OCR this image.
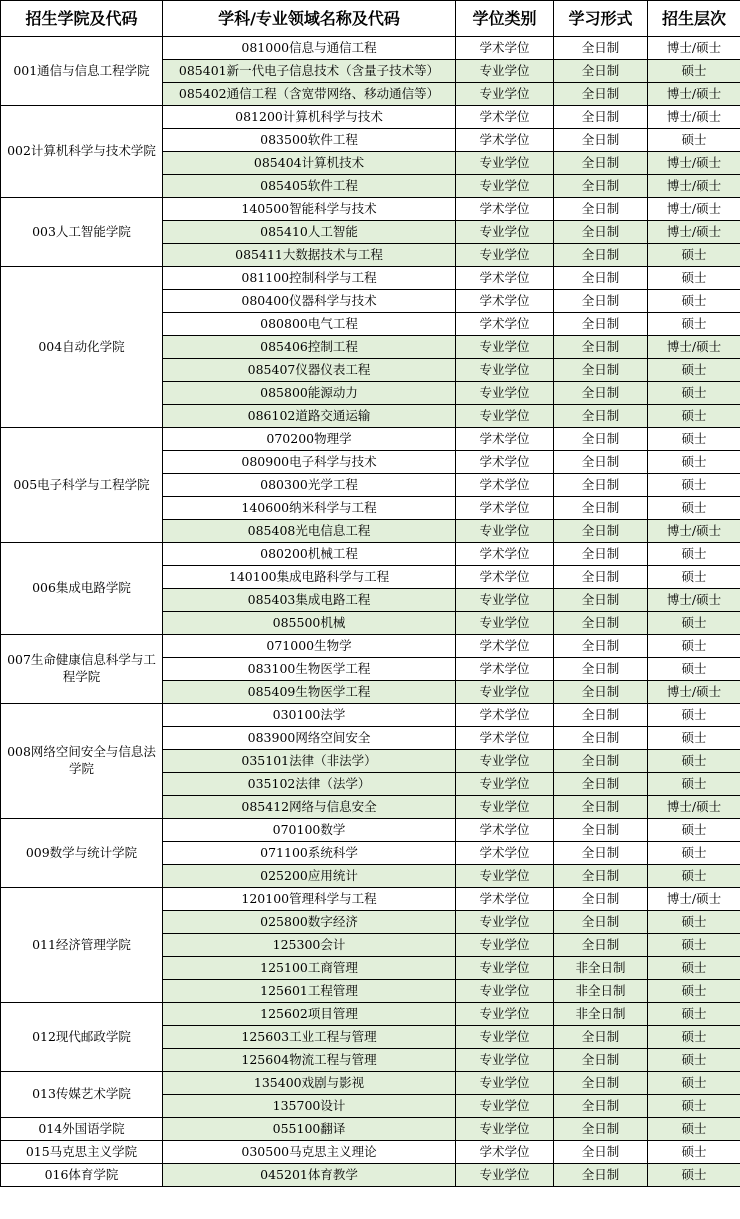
招生学院及代码	学科/专业领域名称及代码	学位类别	学习形式	招生层次
001通信与信息工程学院	081000信息与通信工程	学术学位	全日制	博士/硕士
	085401新一代电子信息技术（含量子技术等）	专业学位	全日制	硕士
	085402通信工程（含宽带网络、移动通信等）	专业学位	全日制	博士/硕士
002计算机科学与技术学院	081200计算机科学与技术	学术学位	全日制	博士/硕士
	083500软件工程	学术学位	全日制	硕士
	085404计算机技术	专业学位	全日制	博士/硕士
	085405软件工程	专业学位	全日制	博士/硕士
003人工智能学院	140500智能科学与技术	学术学位	全日制	博士/硕士
	085410人工智能	专业学位	全日制	博士/硕士
	085411大数据技术与工程	专业学位	全日制	硕士
004自动化学院	081100控制科学与工程	学术学位	全日制	硕士
	080400仪器科学与技术	学术学位	全日制	硕士
	080800电气工程	学术学位	全日制	硕士
	085406控制工程	专业学位	全日制	博士/硕士
	085407仪器仪表工程	专业学位	全日制	硕士
	085800能源动力	专业学位	全日制	硕士
	086102道路交通运输	专业学位	全日制	硕士
005电子科学与工程学院	070200物理学	学术学位	全日制	硕士
	080900电子科学与技术	学术学位	全日制	硕士
	080300光学工程	学术学位	全日制	硕士
	140600纳米科学与工程	学术学位	全日制	硕士
	085408光电信息工程	专业学位	全日制	博士/硕士
006集成电路学院	080200机械工程	学术学位	全日制	硕士
	140100集成电路科学与工程	学术学位	全日制	硕士
	085403集成电路工程	专业学位	全日制	博士/硕士
	085500机械	专业学位	全日制	硕士
007生命健康信息科学与工程学院	071000生物学	学术学位	全日制	硕士
	083100生物医学工程	学术学位	全日制	硕士
	085409生物医学工程	专业学位	全日制	博士/硕士
008网络空间安全与信息法学院	030100法学	学术学位	全日制	硕士
	083900网络空间安全	学术学位	全日制	硕士
	035101法律（非法学）	专业学位	全日制	硕士
	035102法律（法学）	专业学位	全日制	硕士
	085412网络与信息安全	专业学位	全日制	博士/硕士
009数学与统计学院	070100数学	学术学位	全日制	硕士
	071100系统科学	学术学位	全日制	硕士
	025200应用统计	专业学位	全日制	硕士
011经济管理学院	120100管理科学与工程	学术学位	全日制	博士/硕士
	025800数字经济	专业学位	全日制	硕士
	125300会计	专业学位	全日制	硕士
	125100工商管理	专业学位	非全日制	硕士
	125601工程管理	专业学位	非全日制	硕士
012现代邮政学院	125602项目管理	专业学位	非全日制	硕士
	125603工业工程与管理	专业学位	全日制	硕士
	125604物流工程与管理	专业学位	全日制	硕士
013传媒艺术学院	135400戏剧与影视	专业学位	全日制	硕士
	135700设计	专业学位	全日制	硕士
014外国语学院	055100翻译	专业学位	全日制	硕士
015马克思主义学院	030500马克思主义理论	学术学位	全日制	硕士
016体育学院	045201体育教学	专业学位	全日制	硕士
